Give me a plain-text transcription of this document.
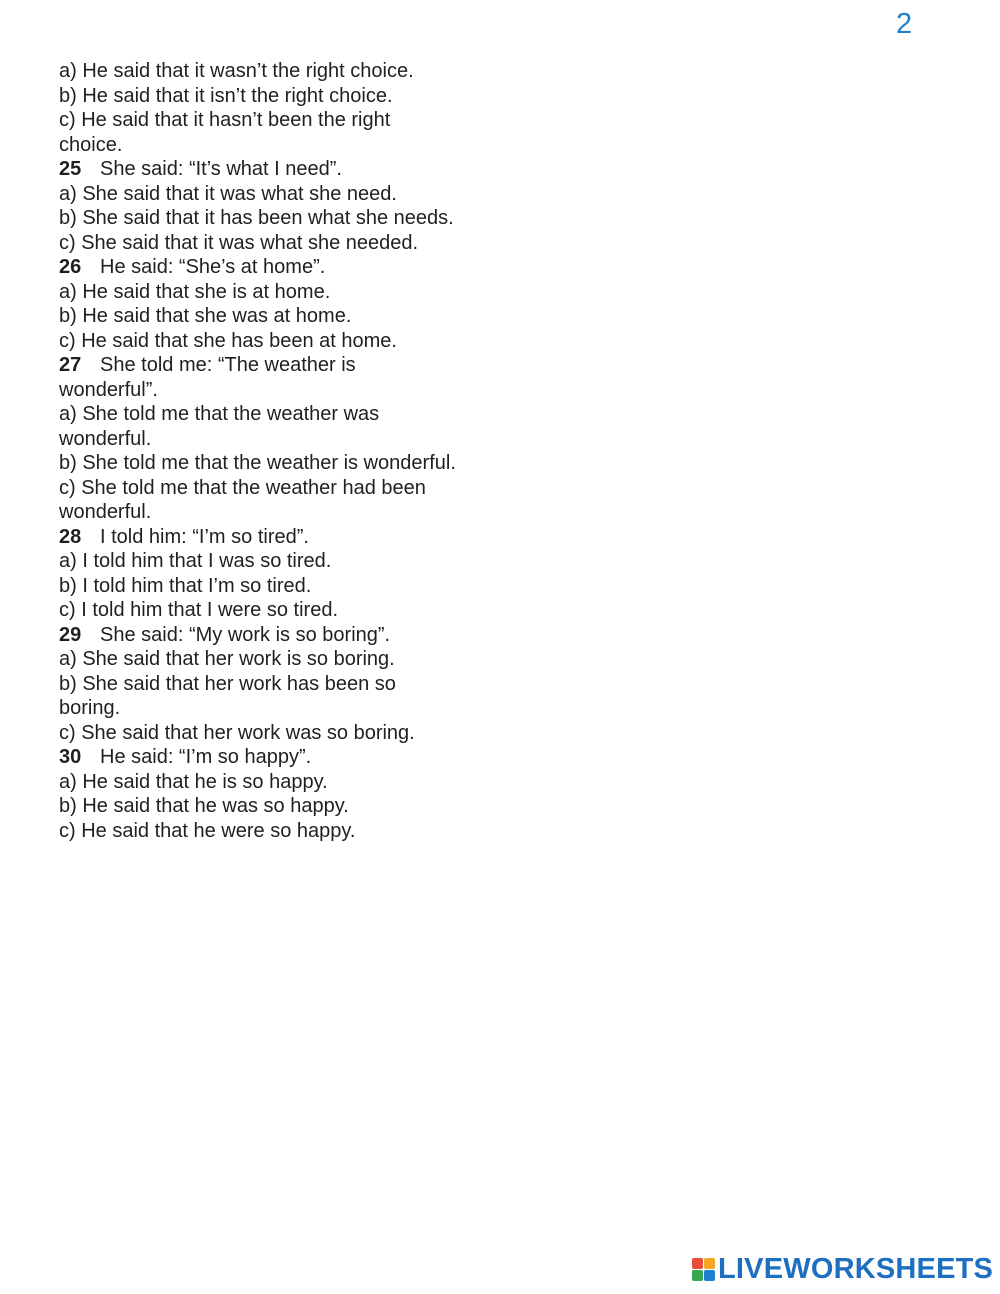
2
a) He said that it wasn’t the right choice.
b) He said that it isn’t the right choice.
c) He said that it hasn’t been the right choice.
25 She said: “It’s what I need”.
a) She said that it was what she need.
b) She said that it has been what she needs.
c) She said that it was what she needed.
26 He said: “She’s at home”.
a) He said that she is at home.
b) He said that she was at home.
c) He said that she has been at home.
27 She told me: “The weather is wonderful”.
a) She told me that the weather was wonderful.
b) She told me that the weather is wonderful.
c) She told me that the weather had been wonderful.
28 I told him: “I’m so tired”.
a) I told him that I was so tired.
b) I told him that I’m so tired.
c) I told him that I were so tired.
29 She said: “My work is so boring”.
a) She said that her work is so boring.
b) She said that her work has been so boring.
c) She said that her work was so boring.
30 He said: “I’m so happy”.
a) He said that he is so happy.
b) He said that he was so happy.
c) He said that he were so happy.
LIVEWORKSHEETS
